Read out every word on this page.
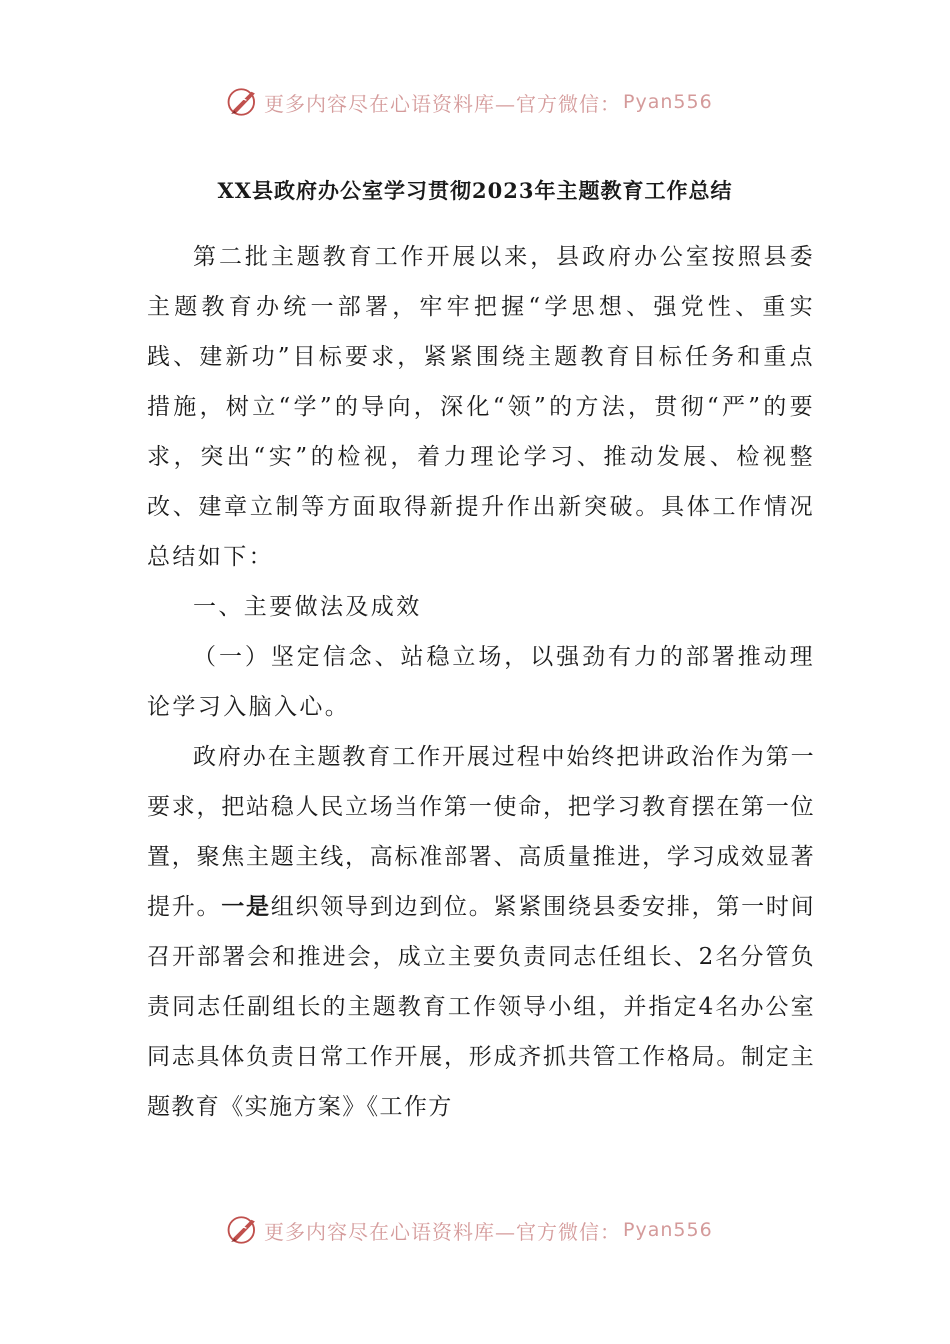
更多内容尽在心语资料库—官方微信： Pyan556
XX县政府办公室学习贯彻2023年主题教育工作总结

第二批主题教育工作开展以来，县政府办公室按照县委主题教育办统一部署，牢牢把握“学思想、强党性、重实践、建新功”目标要求，紧紧围绕主题教育目标任务和重点措施，树立“学”的导向，深化“领”的方法，贯彻“严”的要求，突出“实”的检视，着力理论学习、推动发展、检视整改、建章立制等方面取得新提升作出新突破。具体工作情况总结如下：

一、主要做法及成效

（一）坚定信念、站稳立场，以强劲有力的部署推动理论学习入脑入心。

政府办在主题教育工作开展过程中始终把讲政治作为第一要求，把站稳人民立场当作第一使命，把学习教育摆在第一位置，聚焦主题主线，高标准部署、高质量推进，学习成效显著提升。一是组织领导到边到位。紧紧围绕县委安排，第一时间召开部署会和推进会，成立主要负责同志任组长、2名分管负责同志任副组长的主题教育工作领导小组，并指定4名办公室同志具体负责日常工作开展，形成齐抓共管工作格局。制定主题教育《实施方案》《工作方

更多内容尽在心语资料库—官方微信： Pyan556
